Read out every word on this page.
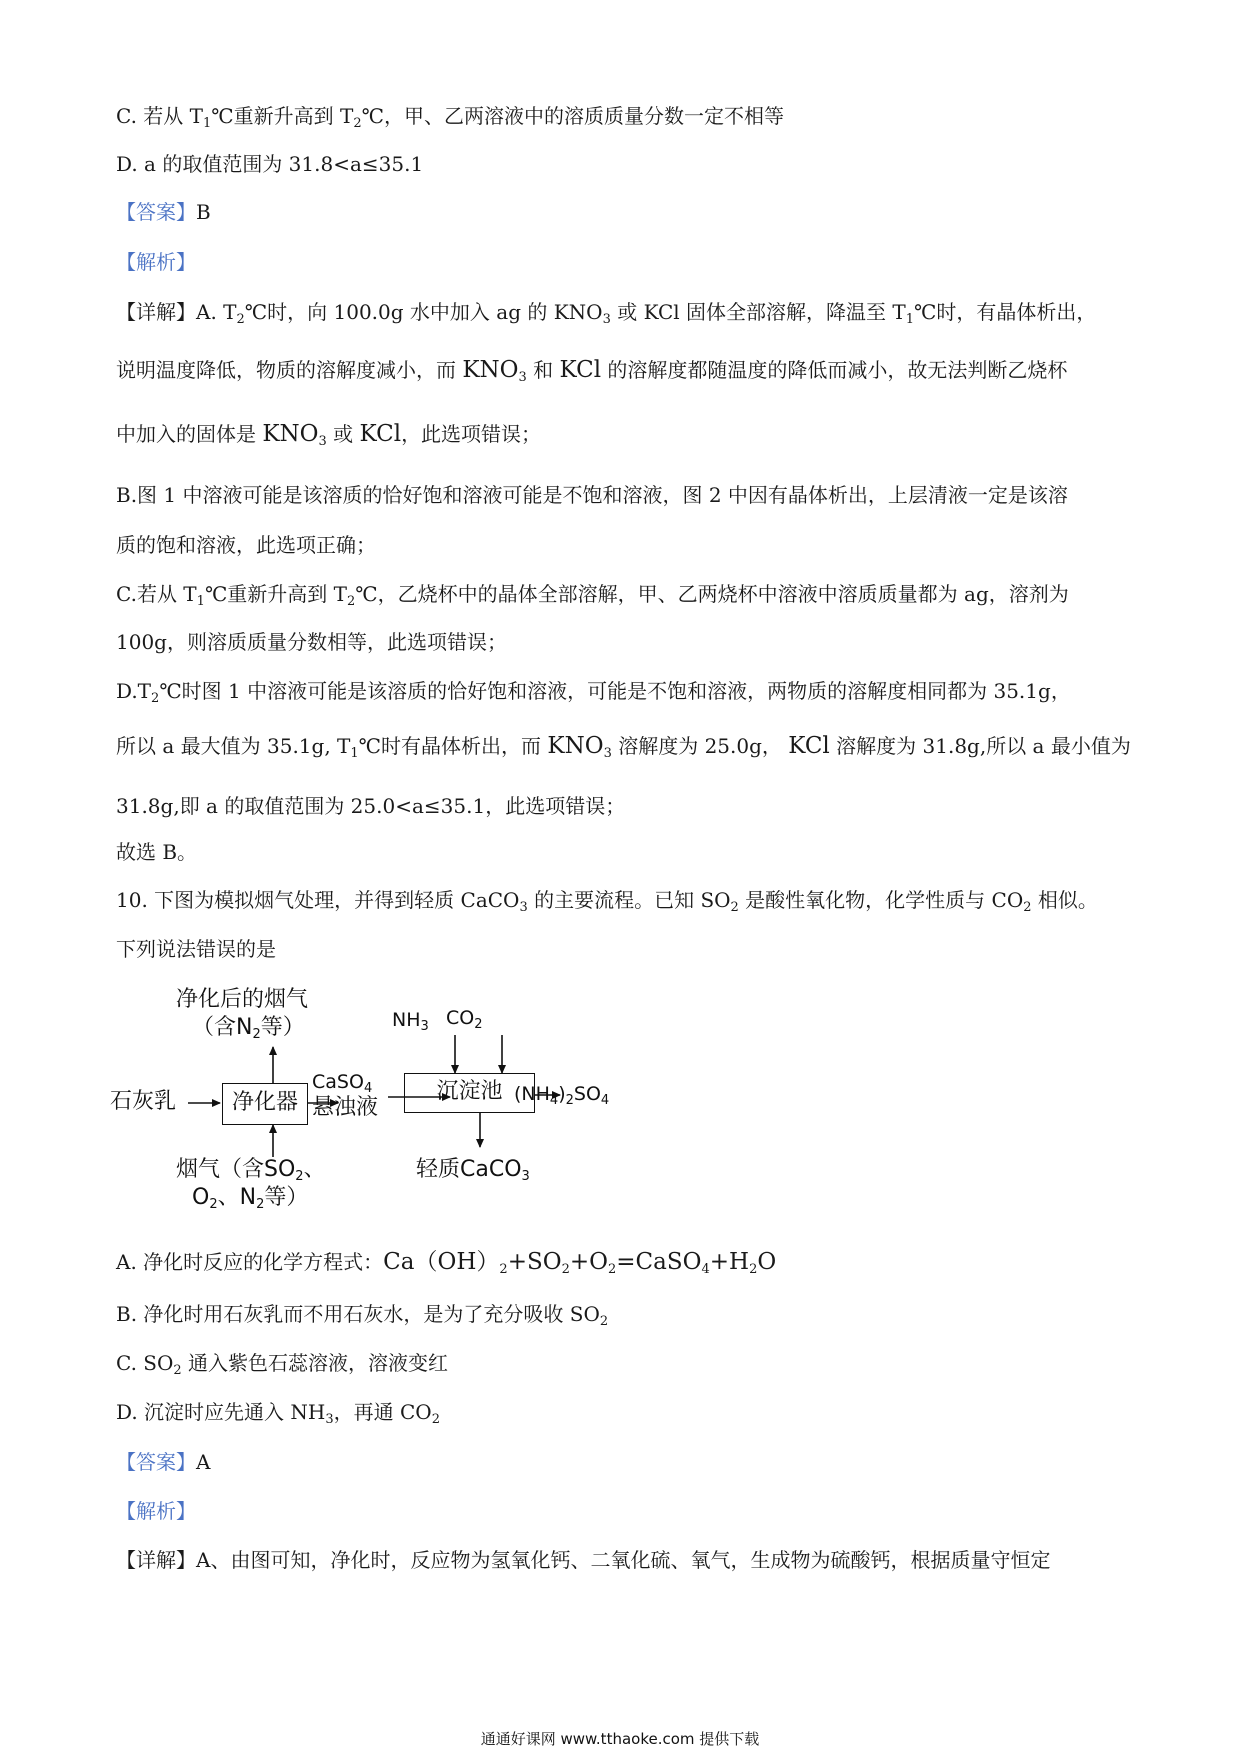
C. 若从 $T_1℃$重新升高到 $T_2℃$，甲、乙两溶液中的溶质质量分数一定不相等
D. a 的取值范围为 31.8<a≤35.1
【答案】B
【解析】
【详解】A. $T_2℃$时，向 100.0g 水中加入 ag 的 $KNO_3$ 或 KCl 固体全部溶解，降温至 $T_1℃$时，有晶体析出，
说明温度降低，物质的溶解度减小，而 $KNO_3$ 和 KCl 的溶解度都随温度的降低而减小，故无法判断乙烧杯
中加入的固体是 $KNO_3$ 或 KCl，此选项错误；
B.图 1 中溶液可能是该溶质的恰好饱和溶液可能是不饱和溶液，图 2 中因有晶体析出，上层清液一定是该溶
质的饱和溶液，此选项正确；
C.若从 $T_1℃$重新升高到 $T_2℃$，乙烧杯中的晶体全部溶解，甲、乙两烧杯中溶液中溶质质量都为 ag，溶剂为
100g，则溶质质量分数相等，此选项错误；
$D.T_2℃$时图 1 中溶液可能是该溶质的恰好饱和溶液，可能是不饱和溶液，两物质的溶解度相同都为 35.1g，
所以 a 最大值为 35.1g, $T_1℃$时有晶体析出，而 $KNO_3$ 溶解度为 25.0g， KCl 溶解度为 31.8g,所以 a 最小值为
31.8g,即 a 的取值范围为 25.0<a≤35.1，此选项错误；
故选 B。
10. 下图为模拟烟气处理，并得到轻质 CaCO$_3$ 的主要流程。已知 $SO_2$ 是酸性氧化物，化学性质与 $CO_2$ 相似。
下列说法错误的是
净化后的烟气
（含$N_2$等）	$NH_3$ $CO_2$
石灰乳	净化器
CaSO$_4$
悬浊液
沉淀池 $(NH_4)_2SO_4$
烟气（含$SO_2$、
$O_2$、$N_2$等）
轻质CaCO$_3$
A. 净化时反应的化学方程式：$Ca(OH)_2+SO_2+O_2=CaSO_4+H_2O$
B. 净化时用石灰乳而不用石灰水，是为了充分吸收 $SO_2$
C. $SO_2$ 通入紫色石蕊溶液，溶液变红
D. 沉淀时应先通入 $NH_3$，再通 $CO_2$
【答案】A
【解析】
【详解】A、由图可知，净化时，反应物为氢氧化钙、二氧化硫、氧气，生成物为硫酸钙，根据质量守恒定
通通好课网 www.tthaoke.com 提供下载
